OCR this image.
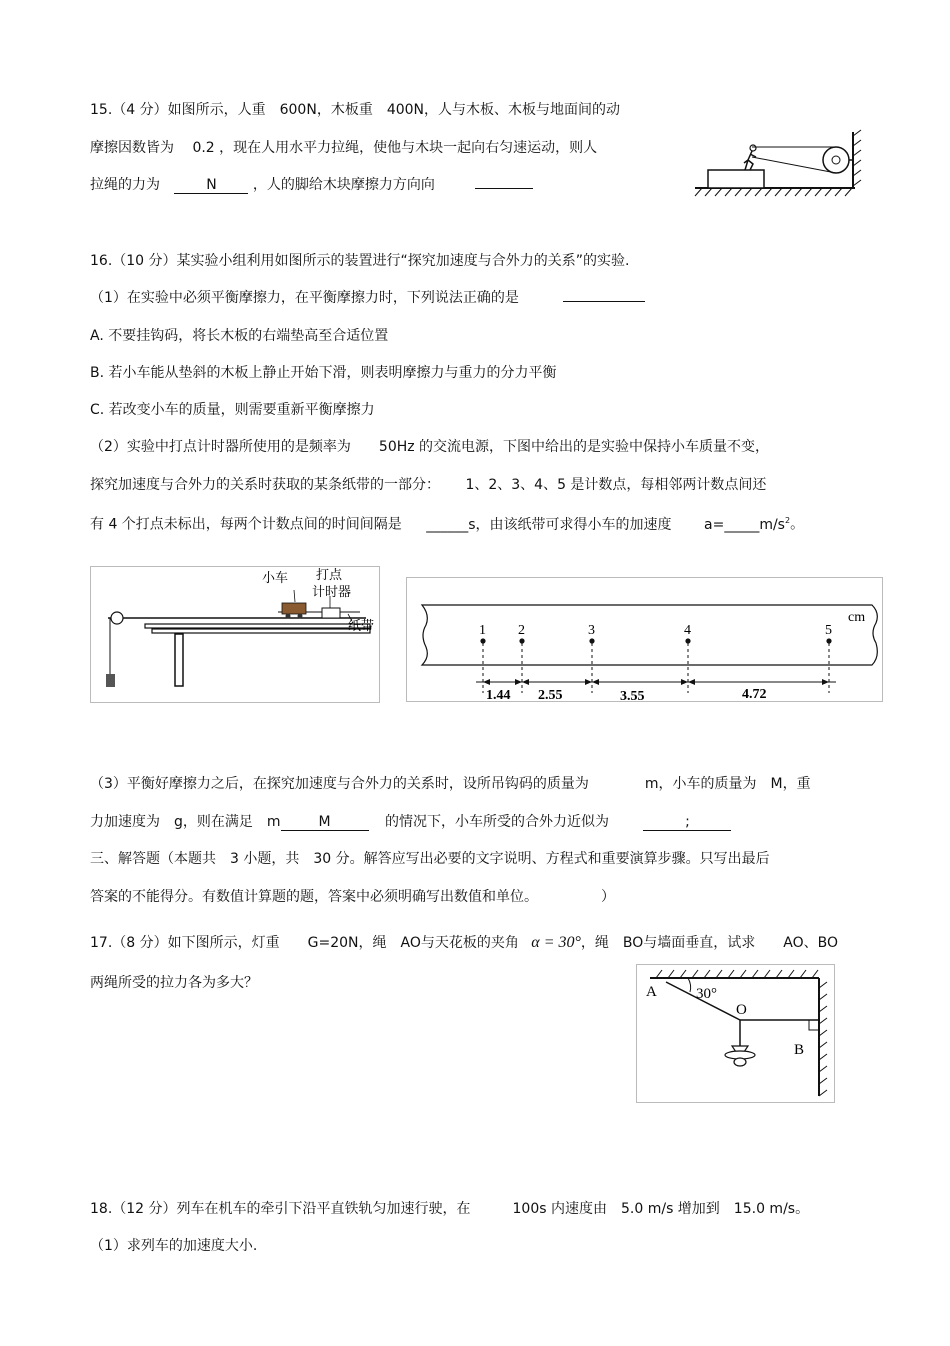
15.（4 分）如图所示，人重　600N，木板重　400N，人与木板、木板与地面间的动
摩擦因数皆为　 0.2 ，现在人用水平力拉绳，使他与木块一起向右匀速运动，则人
拉绳的力为	N	，人的脚给木块摩擦力方向向
16.（10 分）某实验小组利用如图所示的装置进行“探究加速度与合外力的关系”的实验.
（1）在实验中必须平衡摩擦力，在平衡摩擦力时，下列说法正确的是
A. 不要挂钩码，将长木板的右端垫高至合适位置
B. 若小车能从垫斜的木板上静止开始下滑，则表明摩擦力与重力的分力平衡
C. 若改变小车的质量，则需要重新平衡摩擦力
（2）实验中打点计时器所使用的是频率为　　50Hz 的交流电源，下图中给出的是实验中保持小车质量不变，
探究加速度与合外力的关系时获取的某条纸带的一部分：　　 1、2、3、4、5 是计数点，每相邻两计数点间还
有 4 个打点未标出，每两个计数点间的时间间隔是 ______s，由该纸带可求得小车的加速度 $a=\_\_\_\_\_m/s^2$。
小车 打点
计时器
纸带
cm
1 2	3	4	5
1.44 2.55	3.55	4.72
（3）平衡好摩擦力之后，在探究加速度与合外力的关系时，设所吊钩码的质量为　　　　m，小车的质量为　M，重
力加速度为　g，则在满足　m	M	的情况下，小车所受的合外力近似为	;
三、解答题（本题共　3 小题，共　30 分。解答应写出必要的文字说明、方程式和重要演算步骤。只写出最后
答案的不能得分。有数值计算题的题，答案中必须明确写出数值和单位。　　　　　）
17.（8 分）如下图所示，灯重　　G=20N，绳　AO与天花板的夹角 α = 30°，绳　BO与墙面垂直，试求　　AO、BO
两绳所受的拉力各为多大？
A	30°
O
B
18.（12 分）列车在机车的牵引下沿平直铁轨匀加速行驶，在　　　100s 内速度由　5.0 m/s 增加到　15.0 m/s。
（1）求列车的加速度大小.
